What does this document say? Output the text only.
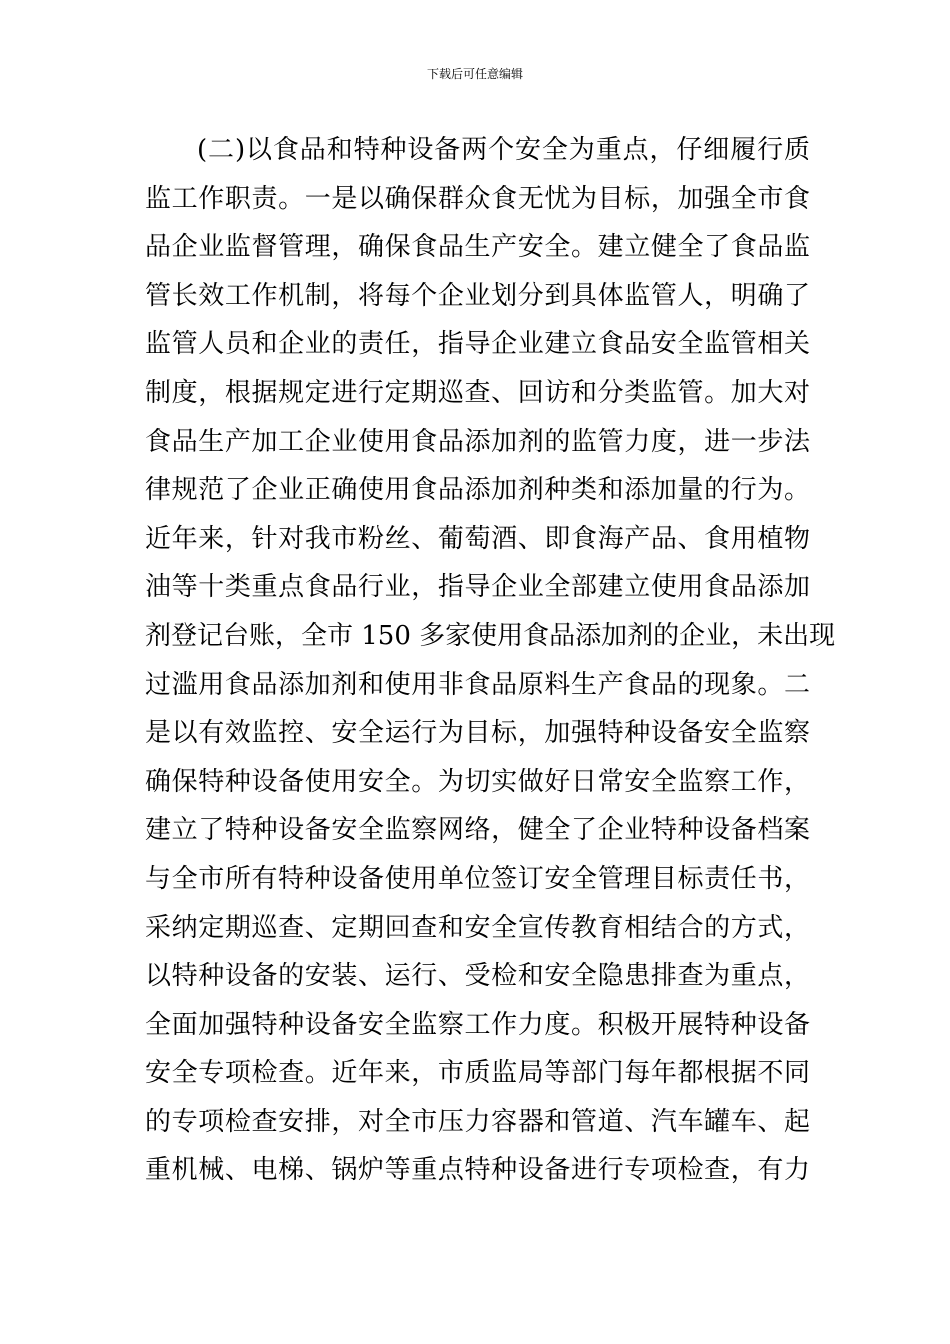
下载后可任意编辑
(二)以食品和特种设备两个安全为重点，仔细履行质
监工作职责。一是以确保群众食无忧为目标，加强全市食
品企业监督管理，确保食品生产安全。建立健全了食品监
管长效工作机制，将每个企业划分到具体监管人，明确了
监管人员和企业的责任，指导企业建立食品安全监管相关
制度，根据规定进行定期巡查、回访和分类监管。加大对
食品生产加工企业使用食品添加剂的监管力度，进一步法
律规范了企业正确使用食品添加剂种类和添加量的行为。
近年来，针对我市粉丝、葡萄酒、即食海产品、食用植物
油等十类重点食品行业，指导企业全部建立使用食品添加
剂登记台账，全市 150 多家使用食品添加剂的企业，未出现
过滥用食品添加剂和使用非食品原料生产食品的现象。二
是以有效监控、安全运行为目标，加强特种设备安全监察
确保特种设备使用安全。为切实做好日常安全监察工作，
建立了特种设备安全监察网络，健全了企业特种设备档案
与全市所有特种设备使用单位签订安全管理目标责任书，
采纳定期巡查、定期回查和安全宣传教育相结合的方式，
以特种设备的安装、运行、受检和安全隐患排查为重点，
全面加强特种设备安全监察工作力度。积极开展特种设备
安全专项检查。近年来，市质监局等部门每年都根据不同
的专项检查安排，对全市压力容器和管道、汽车罐车、起
重机械、电梯、锅炉等重点特种设备进行专项检查，有力
